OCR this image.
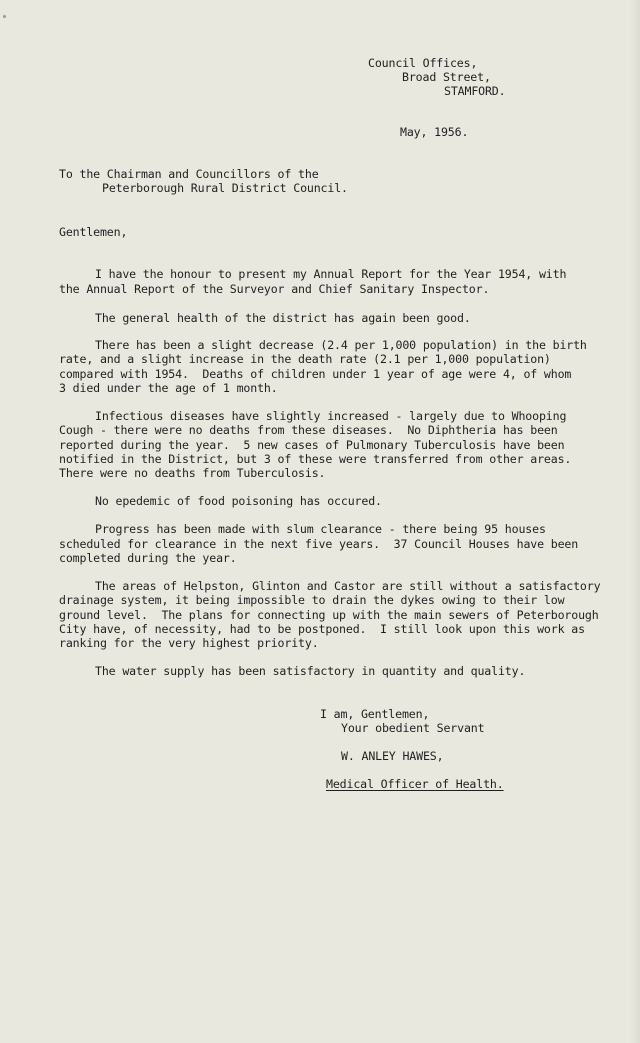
Council Offices,
Broad Street,
STAMFORD.
May, 1956.
To the Chairman and Councillors of the
Peterborough Rural District Council.
Gentlemen,
I have the honour to present my Annual Report for the Year 1954, with
the Annual Report of the Surveyor and Chief Sanitary Inspector.
The general health of the district has again been good.
There has been a slight decrease (2.4 per 1,000 population) in the birth
rate, and a slight increase in the death rate (2.1 per 1,000 population)
compared with 1954.  Deaths of children under 1 year of age were 4, of whom
3 died under the age of 1 month.
Infectious diseases have slightly increased - largely due to Whooping
Cough - there were no deaths from these diseases.  No Diphtheria has been
reported during the year.  5 new cases of Pulmonary Tuberculosis have been
notified in the District, but 3 of these were transferred from other areas.
There were no deaths from Tuberculosis.
No epedemic of food poisoning has occured.
Progress has been made with slum clearance - there being 95 houses
scheduled for clearance in the next five years.  37 Council Houses have been
completed during the year.
The areas of Helpston, Glinton and Castor are still without a satisfactory
drainage system, it being impossible to drain the dykes owing to their low
ground level.  The plans for connecting up with the main sewers of Peterborough
City have, of necessity, had to be postponed.  I still look upon this work as
ranking for the very highest priority.
The water supply has been satisfactory in quantity and quality.
I am, Gentlemen,
Your obedient Servant
W. ANLEY HAWES,
Medical Officer of Health.
